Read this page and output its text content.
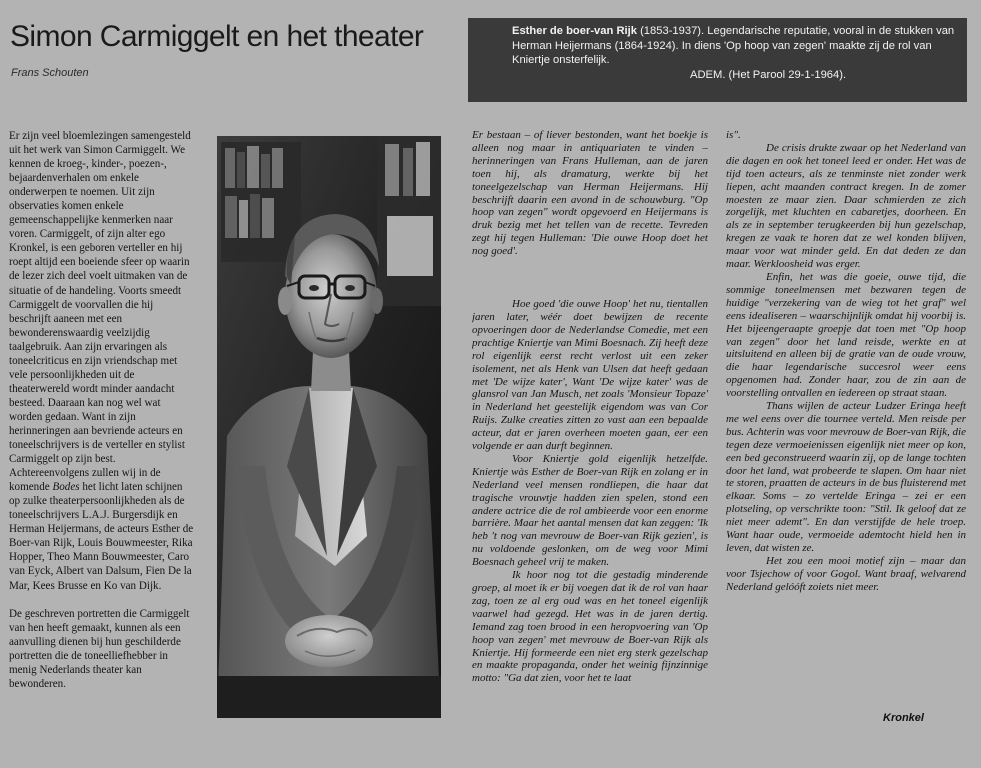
Simon Carmiggelt en het theater
Frans Schouten
Esther de boer-van Rijk (1853-1937). Legendarische reputatie, vooral in de stukken van Herman Heijermans (1864-1924). In diens 'Op hoop van zegen' maakte zij de rol van Kniertje onsterfelijk.
ADEM. (Het Parool 29-1-1964).

Er zijn veel bloemlezingen samengesteld uit het werk van Simon Carmiggelt. We kennen de kroeg-, kinder-, poezen-, bejaardenverhalen om enkele onderwerpen te noemen. Uit zijn observaties komen enkele gemeenschappelijke kenmerken naar voren. Carmiggelt, of zijn alter ego Kronkel, is een geboren verteller en hij roept altijd een boeiende sfeer op waarin de lezer zich deel voelt uitmaken van de situatie of de handeling. Voorts smeedt Carmiggelt de voorvallen die hij beschrijft aaneen met een bewonderenswaardig veelzijdig taalgebruik. Aan zijn ervaringen als toneelcriticus en zijn vriendschap met vele persoonlijkheden uit de theaterwereld wordt minder aandacht besteed. Daaraan kan nog wel wat worden gedaan. Want in zijn herinneringen aan bevriende acteurs en toneelschrijvers is de verteller en stylist Carmiggelt op zijn best. Achtereenvolgens zullen wij in de komende Bodes het licht laten schijnen op zulke theaterpersoonlijkheden als de toneelschrijvers L.A.J. Burgersdijk en Herman Heijermans, de acteurs Esther de Boer-van Rijk, Louis Bouwmeester, Rika Hopper, Theo Mann Bouwmeester, Caro van Eyck, Albert van Dalsum, Fien De la Mar, Kees Brusse en Ko van Dijk.

De geschreven portretten die Carmiggelt van hen heeft gemaakt, kunnen als een aanvulling dienen bij hun geschilderde portretten die de toneelliefhebber in menig Nederlands theater kan bewonderen.

Er bestaan – of liever bestonden, want het boekje is alleen nog maar in antiquariaten te vinden – herinneringen van Frans Hulleman, aan de jaren toen hij, als dramaturg, werkte bij het toneelgezelschap van Herman Heijermans. Hij beschrijft daarin een avond in de schouwburg. "Op hoop van zegen" wordt opgevoerd en Heijermans is druk bezig met het tellen van de recette. Tevreden zegt hij tegen Hulleman: 'Die ouwe Hoop doet het nog goed'.

Hoe goed 'die ouwe Hoop' het nu, tientallen jaren later, wéér doet bewijzen de recente opvoeringen door de Nederlandse Comedie, met een prachtige Kniertje van Mimi Boesnach. Zij heeft deze rol eigenlijk eerst recht verlost uit een zeker isolement, net als Henk van Ulsen dat heeft gedaan met 'De wijze kater', Want 'De wijze kater' was de glansrol van Jan Musch, net zoals 'Monsieur Topaze' in Nederland het geestelijk eigendom was van Cor Ruijs. Zulke creaties zitten zo vast aan een bepaalde acteur, dat er jaren overheen moeten gaan, eer een volgende er aan durft beginnen.

Voor Kniertje gold eigenlijk hetzelfde. Kniertje wàs Esther de Boer-van Rijk en zolang er in Nederland veel mensen rondliepen, die haar dat tragische vrouwtje hadden zien spelen, stond een andere actrice die de rol ambieerde voor een enorme barrière. Maar het aantal mensen dat kan zeggen: 'Ik heb 't nog van mevrouw de Boer-van Rijk gezien', is nu voldoende geslonken, om de weg voor Mimi Boesnach geheel vrij te maken.

Ik hoor nog tot die gestadig minderende groep, al moet ik er bij voegen dat ik de rol van haar zag, toen ze al erg oud was en het toneel eigenlijk vaarwel had gezegd. Het was in de jaren dertig. Iemand zag toen brood in een heropvoering van 'Op hoop van zegen' met mevrouw de Boer-van Rijk als Kniertje. Hij formeerde een niet erg sterk gezelschap en maakte propaganda, onder het weinig fijnzinnige motto: "Ga dat zien, voor het te laat

is".

De crisis drukte zwaar op het Nederland van die dagen en ook het toneel leed er onder. Het was de tijd toen acteurs, als ze tenminste niet zonder werk liepen, acht maanden contract kregen. In de zomer moesten ze maar zien. Daar schmierden ze zich zorgelijk, met kluchten en cabaretjes, doorheen. En als ze in september terugkeerden bij hun gezelschap, kregen ze vaak te horen dat ze wel konden blijven, maar voor wat minder geld. En dat deden ze dan maar. Werkloosheid was erger.

Enfin, het was die goeie, ouwe tijd, die sommige toneelmensen met bezwaren tegen de huidige "verzekering van de wieg tot het graf" wel eens idealiseren – waarschijnlijk omdat hij voorbij is. Het bijeengeraapte groepje dat toen met "Op hoop van zegen" door het land reisde, werkte en at uitsluitend en alleen bij de gratie van de oude vrouw, die haar legendarische succesrol weer eens opgenomen had. Zonder haar, zou de zin aan de voorstelling ontvallen en iedereen op straat staan.

Thans wijlen de acteur Ludzer Eringa heeft me wel eens over die tournee verteld. Men reisde per bus. Achterin was voor mevrouw de Boer-van Rijk, die tegen deze vermoeienissen eigenlijk niet meer op kon, een bed geconstrueerd waarin zij, op de lange tochten door het land, wat probeerde te slapen. Om haar niet te storen, praatten de acteurs in de bus fluisterend met elkaar. Soms – zo vertelde Eringa – zei er een plotseling, op verschrikte toon: "Stil. Ik geloof dat ze niet meer ademt". En dan verstijfde de hele troep. Want haar oude, vermoeide ademtocht hield hen in leven, dat wisten ze.

Het zou een mooi motief zijn – maar dan voor Tsjechow of voor Gogol. Want braaf, welvarend Nederland gelóóft zoiets niet meer.

Kronkel
